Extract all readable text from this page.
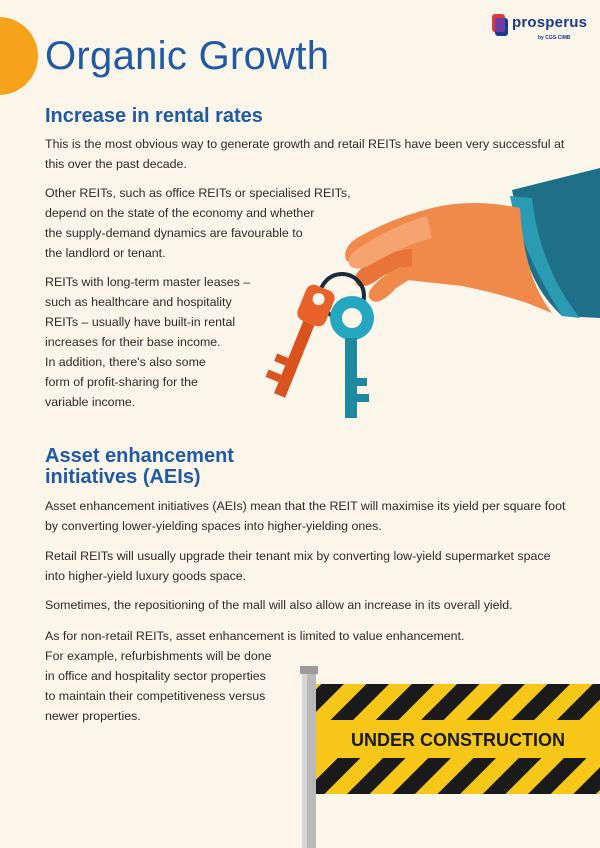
prosperus
by CGS-CIMB
Organic Growth
Increase in rental rates

This is the most obvious way to generate growth and retail REITs have been very successful at

this over the past decade.

Other REITs, such as office REITs or specialised REITs,

depend on the state of the economy and whether

the supply-demand dynamics are favourable to

the landlord or tenant.

REITs with long-term master leases –

such as healthcare and hospitality

REITs – usually have built-in rental

increases for their base income.

In addition, there's also some

form of profit-sharing for the

variable income.

Asset enhancement
initiatives (AEIs)

Asset enhancement initiatives (AEIs) mean that the REIT will maximise its yield per square foot

by converting lower-yielding spaces into higher-yielding ones.

Retail REITs will usually upgrade their tenant mix by converting low-yield supermarket space

into higher-yield luxury goods space.

Sometimes, the repositioning of the mall will also allow an increase in its overall yield.

As for non-retail REITs, asset enhancement is limited to value enhancement.

For example, refurbishments will be done

in office and hospitality sector properties

to maintain their competitiveness versus

newer properties.

UNDER CONSTRUCTION
